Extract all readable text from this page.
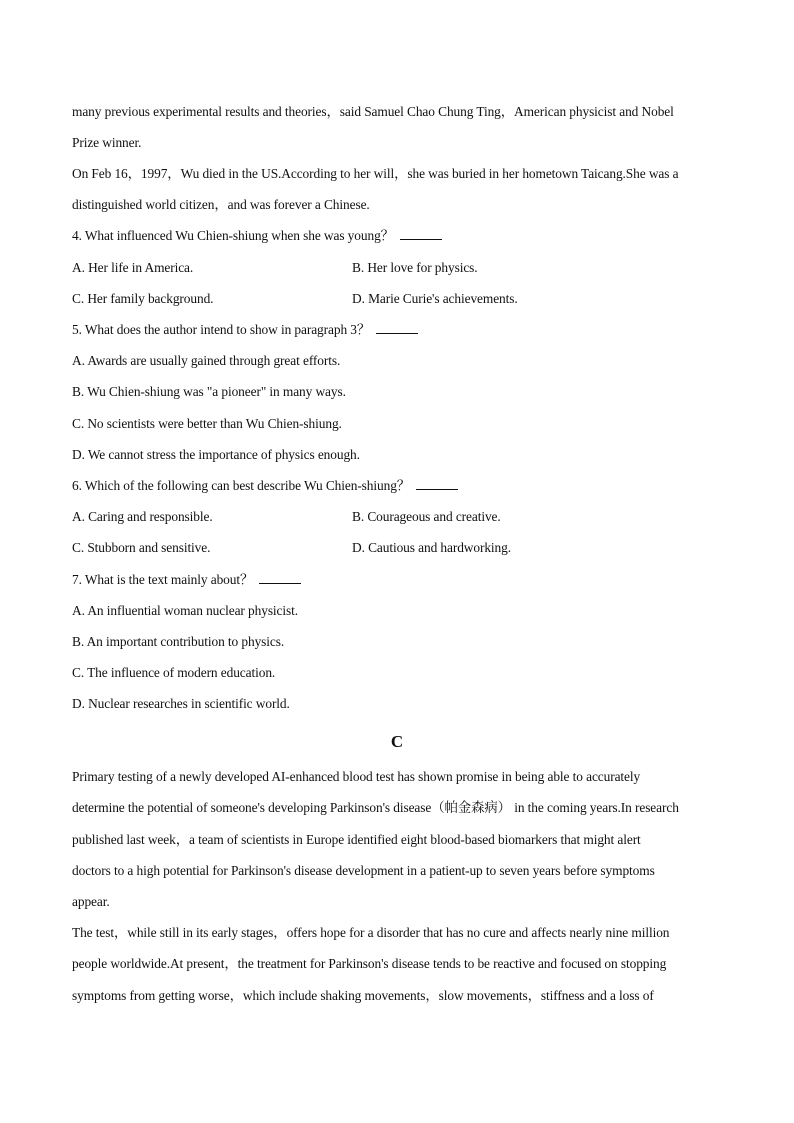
many previous experimental results and theories，said Samuel Chao Chung Ting，American physicist and Nobel
Prize winner.
On Feb 16，1997，Wu died in the US.According to her will，she was buried in her hometown Taicang.She was a
distinguished world citizen，and was forever a Chinese.
4. What influenced Wu Chien-shiung when she was young？
A. Her life in America.	B. Her love for physics.
C. Her family background.	D. Marie Curie's achievements.
5. What does the author intend to show in paragraph 3？
A. Awards are usually gained through great efforts.
B. Wu Chien-shiung was "a pioneer" in many ways.
C. No scientists were better than Wu Chien-shiung.
D. We cannot stress the importance of physics enough.
6. Which of the following can best describe Wu Chien-shiung？
A. Caring and responsible.	B. Courageous and creative.
C. Stubborn and sensitive.	D. Cautious and hardworking.
7. What is the text mainly about？
A. An influential woman nuclear physicist.
B. An important contribution to physics.
C. The influence of modern education.
D. Nuclear researches in scientific world.
C
Primary testing of a newly developed AI-enhanced blood test has shown promise in being able to accurately
determine the potential of someone's developing Parkinson's disease（帕金森病） in the coming years.In research
published last week，a team of scientists in Europe identified eight blood-based biomarkers that might alert
doctors to a high potential for Parkinson's disease development in a patient-up to seven years before symptoms
appear.
The test，while still in its early stages，offers hope for a disorder that has no cure and affects nearly nine million
people worldwide.At present，the treatment for Parkinson's disease tends to be reactive and focused on stopping
symptoms from getting worse，which include shaking movements，slow movements，stiffness and a loss of
